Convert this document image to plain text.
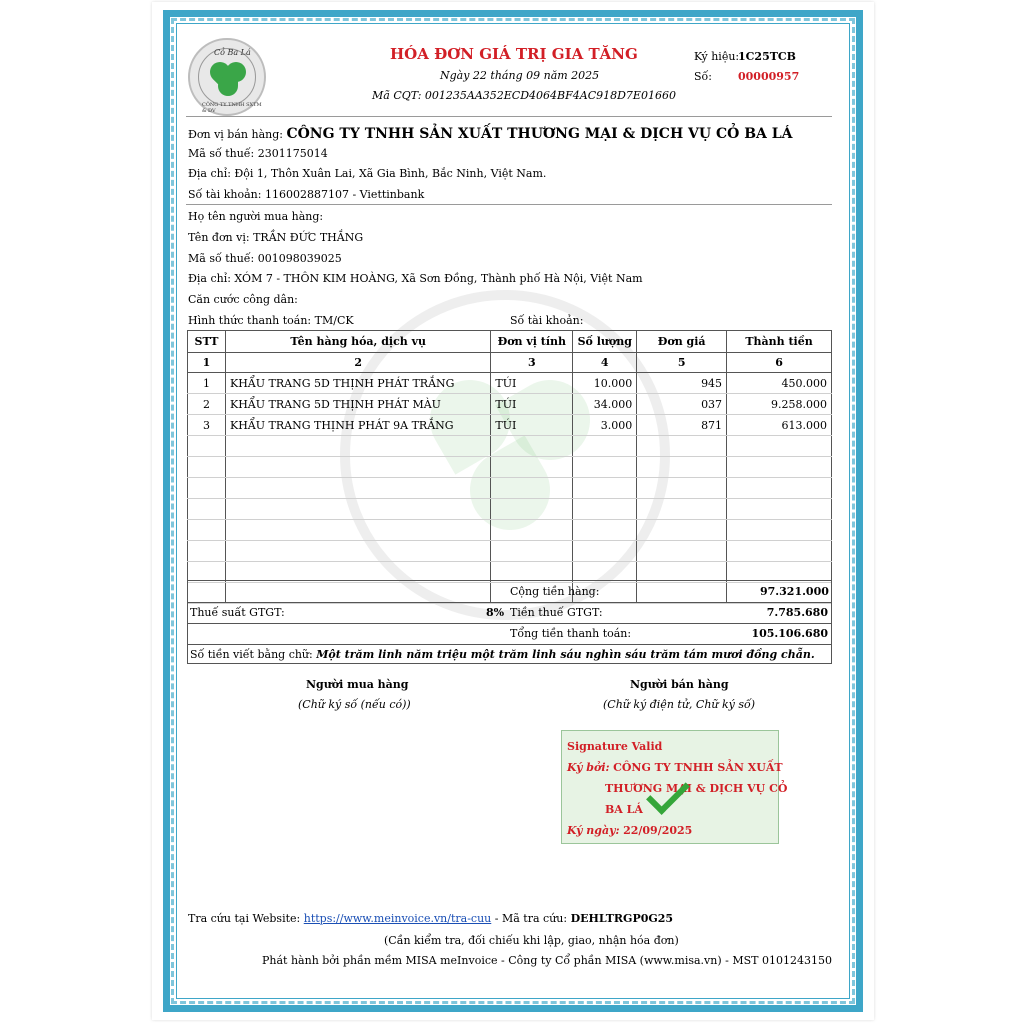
Cỏ Ba Lá
CÔNG TY TNHH SXTM & DV
HÓA ĐƠN GIÁ TRỊ GIA TĂNG
Ngày 22 tháng 09 năm 2025
Mã CQT: 001235AA352ECD4064BF4AC918D7E01660
Ký hiệu:
1C25TCB
Số: 00000957
Đơn vị bán hàng: CÔNG TY TNHH SẢN XUẤT THƯƠNG MẠI & DỊCH VỤ CỎ BA LÁ
Mã số thuế: 2301175014
Địa chỉ: Đội 1, Thôn Xuân Lai, Xã Gia Bình, Bắc Ninh, Việt Nam.
Số tài khoản: 116002887107 - Viettinbank
Họ tên người mua hàng:
Tên đơn vị: TRẦN ĐỨC THẮNG
Mã số thuế: 001098039025
Địa chỉ: XÓM 7 - THÔN KIM HOÀNG, Xã Sơn Đồng, Thành phố Hà Nội, Việt Nam
Căn cước công dân:
Hình thức thanh toán: TM/CK	Số tài khoản:
STT	Tên hàng hóa, dịch vụ	Đơn vị tính	Số lượng	Đơn giá	Thành tiền
1	2	3	4	5	6
1	KHẨU TRANG 5D THỊNH PHÁT TRẮNG	TÚI	10.000	945	450.000
2	KHẨU TRANG 5D THỊNH PHÁT MÀU	TÚI	34.000	037	9.258.000
3	KHẨU TRANG THỊNH PHÁT 9A TRẮNG	TÚI	3.000	871	613.000

Cộng tiền hàng:	97.321.000
Thuế suất GTGT:	8% Tiền thuế GTGT:	7.785.680
Tổng tiền thanh toán:	105.106.680
Số tiền viết bằng chữ: Một trăm linh năm triệu một trăm linh sáu nghìn sáu trăm tám mươi đồng chẵn.
Người mua hàng
(Chữ ký số (nếu có))
Người bán hàng
(Chữ ký điện tử, Chữ ký số)
Signature Valid
Ký bởi: CÔNG TY TNHH SẢN XUẤT
THƯƠNG MẠI & DỊCH VỤ CỎ
BA LÁ
Ký ngày: 22/09/2025
Tra cứu tại Website: https://www.meinvoice.vn/tra-cuu - Mã tra cứu: DEHLTRGP0G25
(Cần kiểm tra, đối chiếu khi lập, giao, nhận hóa đơn)
Phát hành bởi phần mềm MISA meInvoice - Công ty Cổ phần MISA (www.misa.vn) - MST 0101243150
